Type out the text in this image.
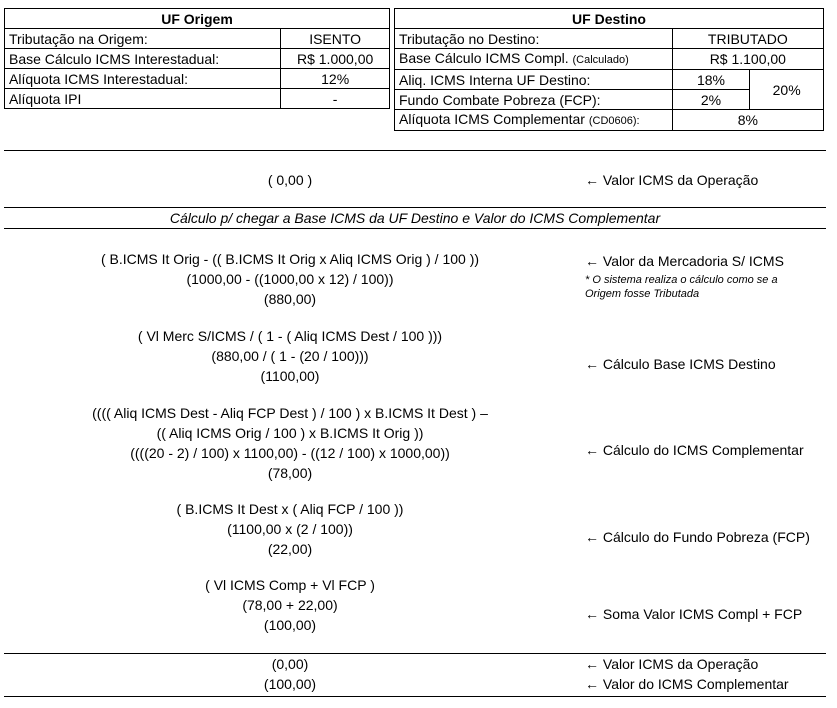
UF Origem	
Tributação na Origem:	ISENTO
Base Cálculo ICMS Interestadual:	R$ 1.000,00
Alíquota ICMS Interestadual:	12%
Alíquota IPI	-
UF Destino		
Tributação no Destino:	TRIBUTADO	
Base Cálculo ICMS Compl. (Calculado)	R$ 1.100,00	
Aliq. ICMS Interna UF Destino:	18%	20%
Fundo Combate Pobreza (FCP):	2%	
Alíquota ICMS Complementar (CD0606):	8%	
( 0,00 )	← Valor ICMS da Operação
Cálculo p/ chegar a Base ICMS da UF Destino e Valor do ICMS Complementar
( B.ICMS It Orig - (( B.ICMS It Orig x Aliq ICMS Orig ) / 100 ))
(1000,00 - ((1000,00 x 12) / 100))
(880,00)
← Valor da Mercadoria S/ ICMS
* O sistema realiza o cálculo como se a
Origem fosse Tributada
( Vl Merc S/ICMS / ( 1 - ( Aliq ICMS Dest / 100 )))
(880,00 / ( 1 - (20 / 100)))
(1100,00)
← Cálculo Base ICMS Destino
(((( Aliq ICMS Dest - Aliq FCP Dest ) / 100 ) x B.ICMS It Dest ) –
(( Aliq ICMS Orig / 100 ) x B.ICMS It Orig ))
((((20 - 2) / 100) x 1100,00) - ((12 / 100) x 1000,00))
(78,00)
← Cálculo do ICMS Complementar
( B.ICMS It Dest x ( Aliq FCP / 100 ))
(1100,00 x (2 / 100))
(22,00)
← Cálculo do Fundo Pobreza (FCP)
( Vl ICMS Comp + Vl FCP )
(78,00 + 22,00)
(100,00)
← Soma Valor ICMS Compl + FCP
(0,00)	← Valor ICMS da Operação
(100,00)	← Valor do ICMS Complementar
